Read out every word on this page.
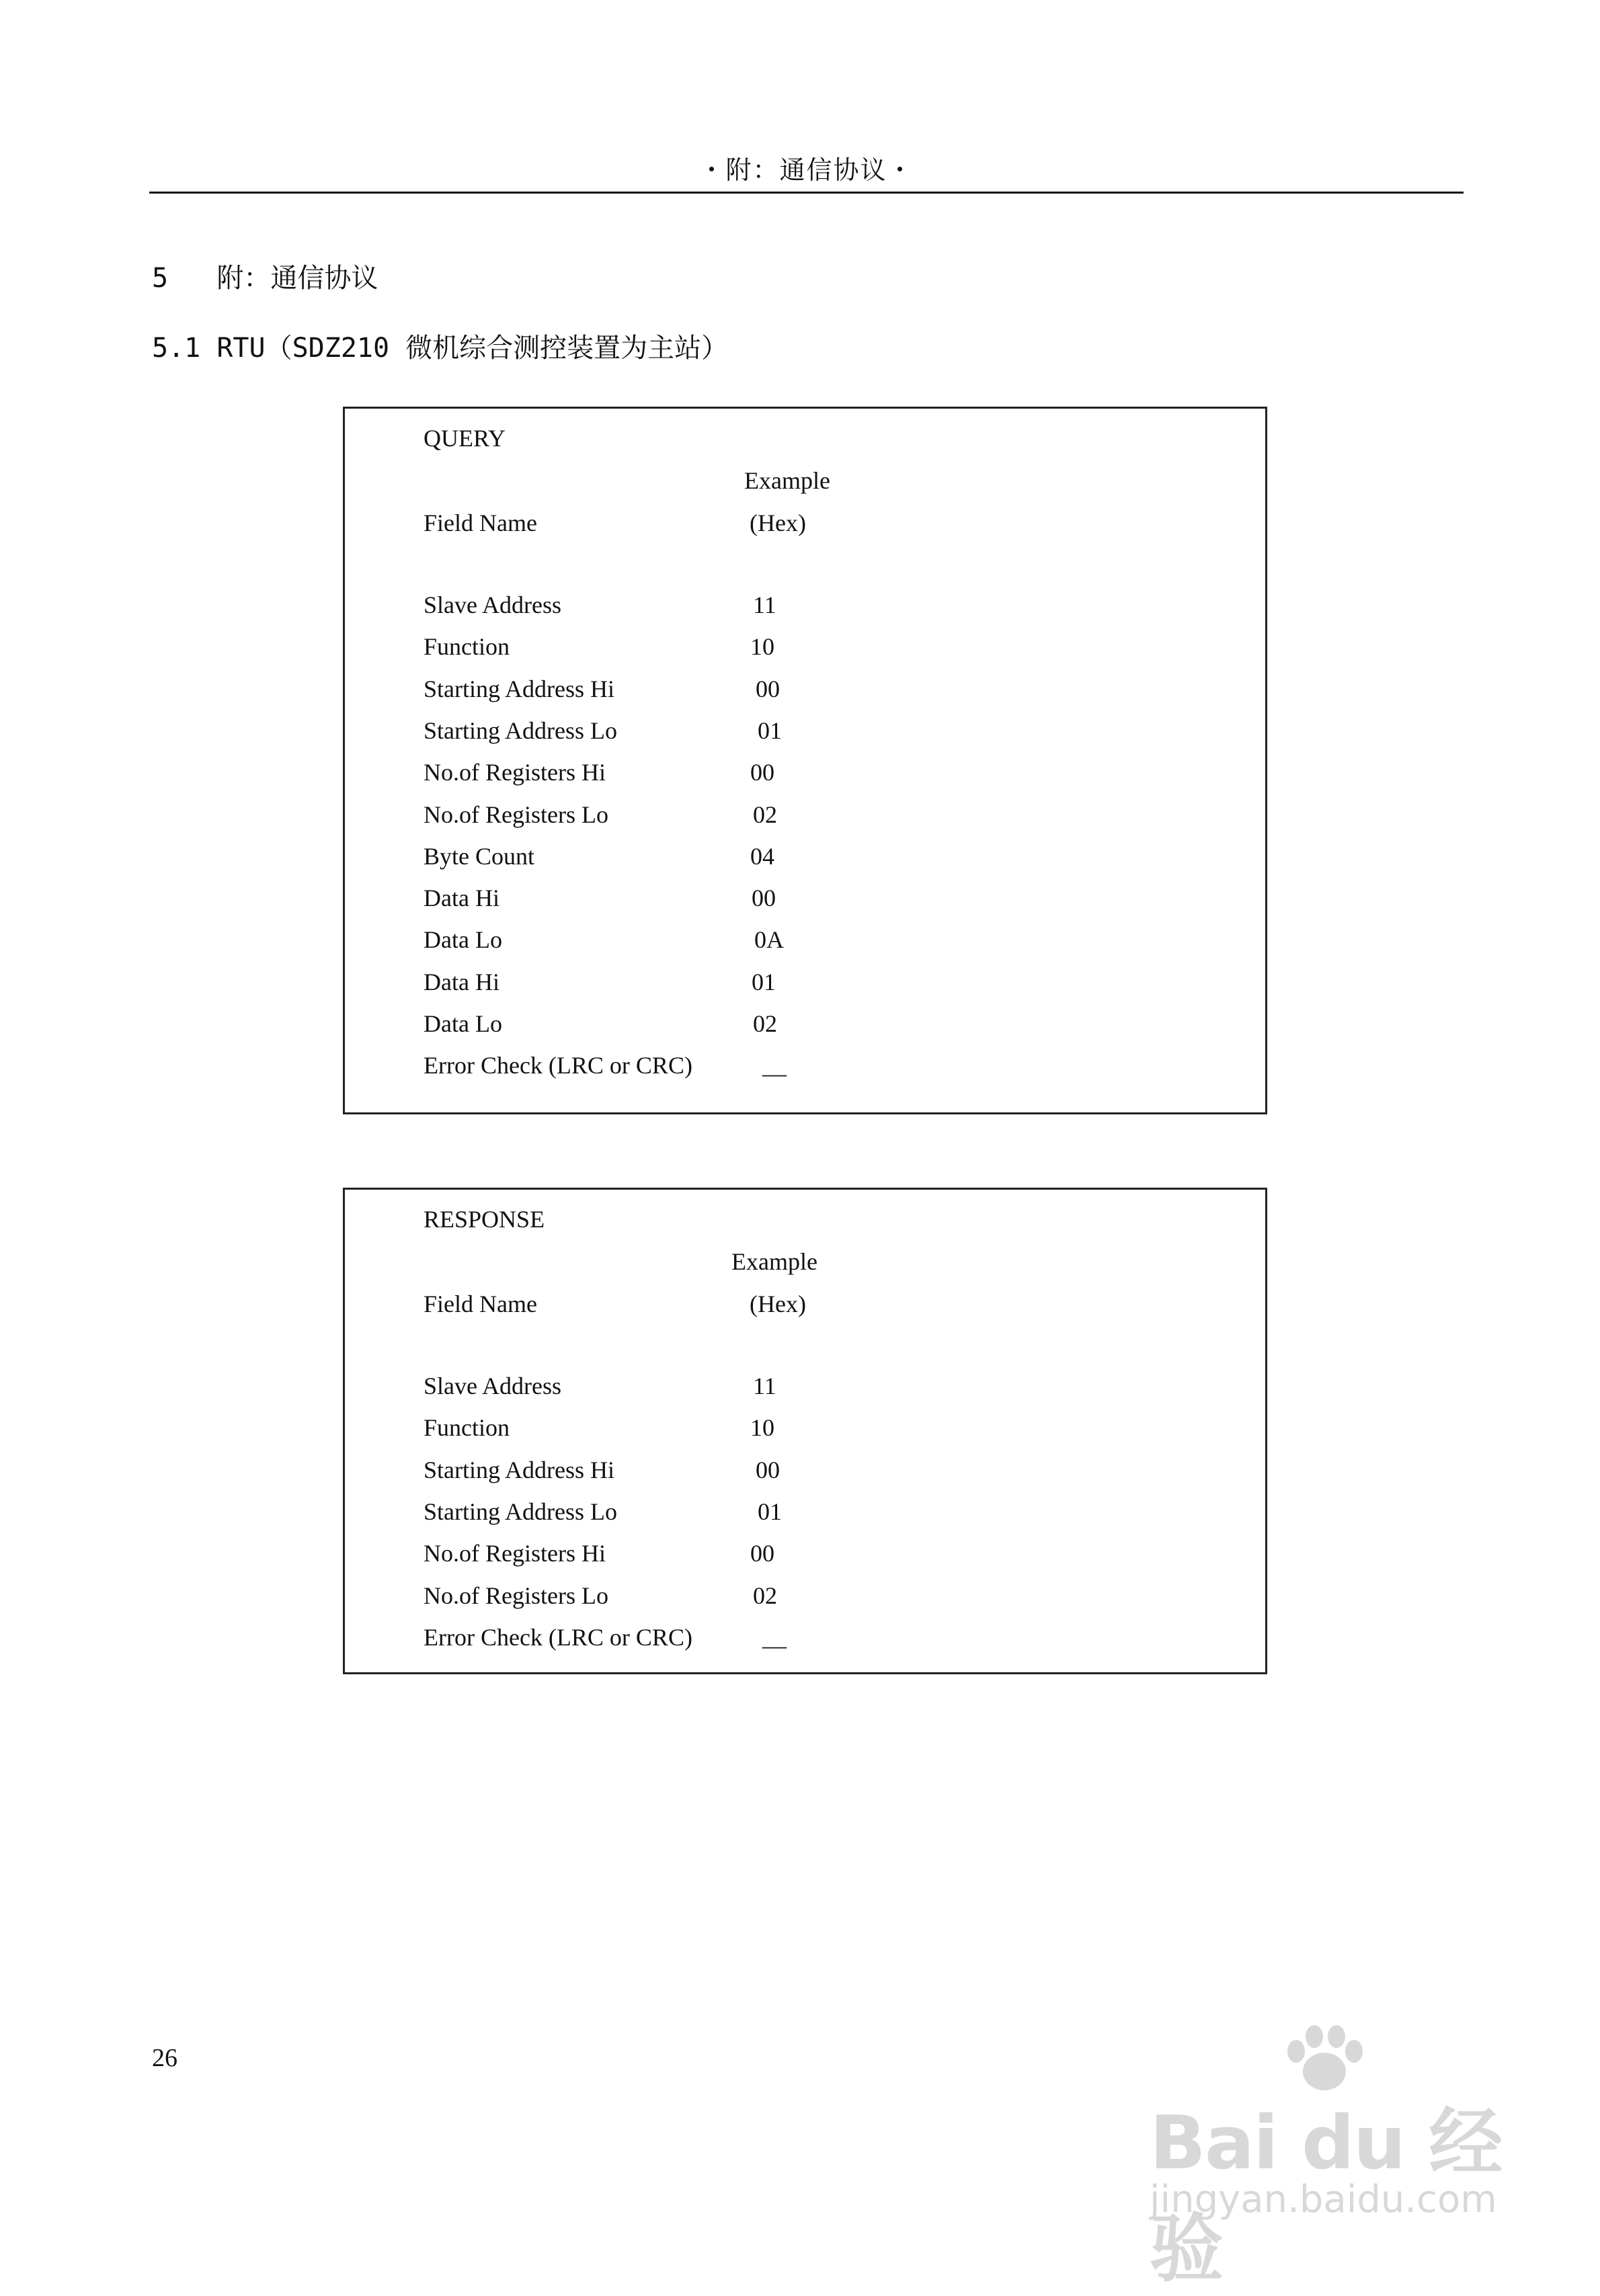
・附：通信协议・
5   附：通信协议
5.1 RTU（SDZ210 微机综合测控装置为主站）
QUERY
Example
Field Name	(Hex)
Slave Address	11
Function	10
Starting Address Hi	00
Starting Address Lo	01
No.of Registers Hi	00
No.of Registers Lo	02
Byte Count	04
Data Hi	00
Data Lo	0A
Data Hi	01
Data Lo	02
Error Check (LRC or CRC)	__
RESPONSE
Example
Field Name	(Hex)
Slave Address	11
Function	10
Starting Address Hi	00
Starting Address Lo	01
No.of Registers Hi	00
No.of Registers Lo	02
Error Check (LRC or CRC)	__
26
Bai du 经验
jingyan.baidu.com
